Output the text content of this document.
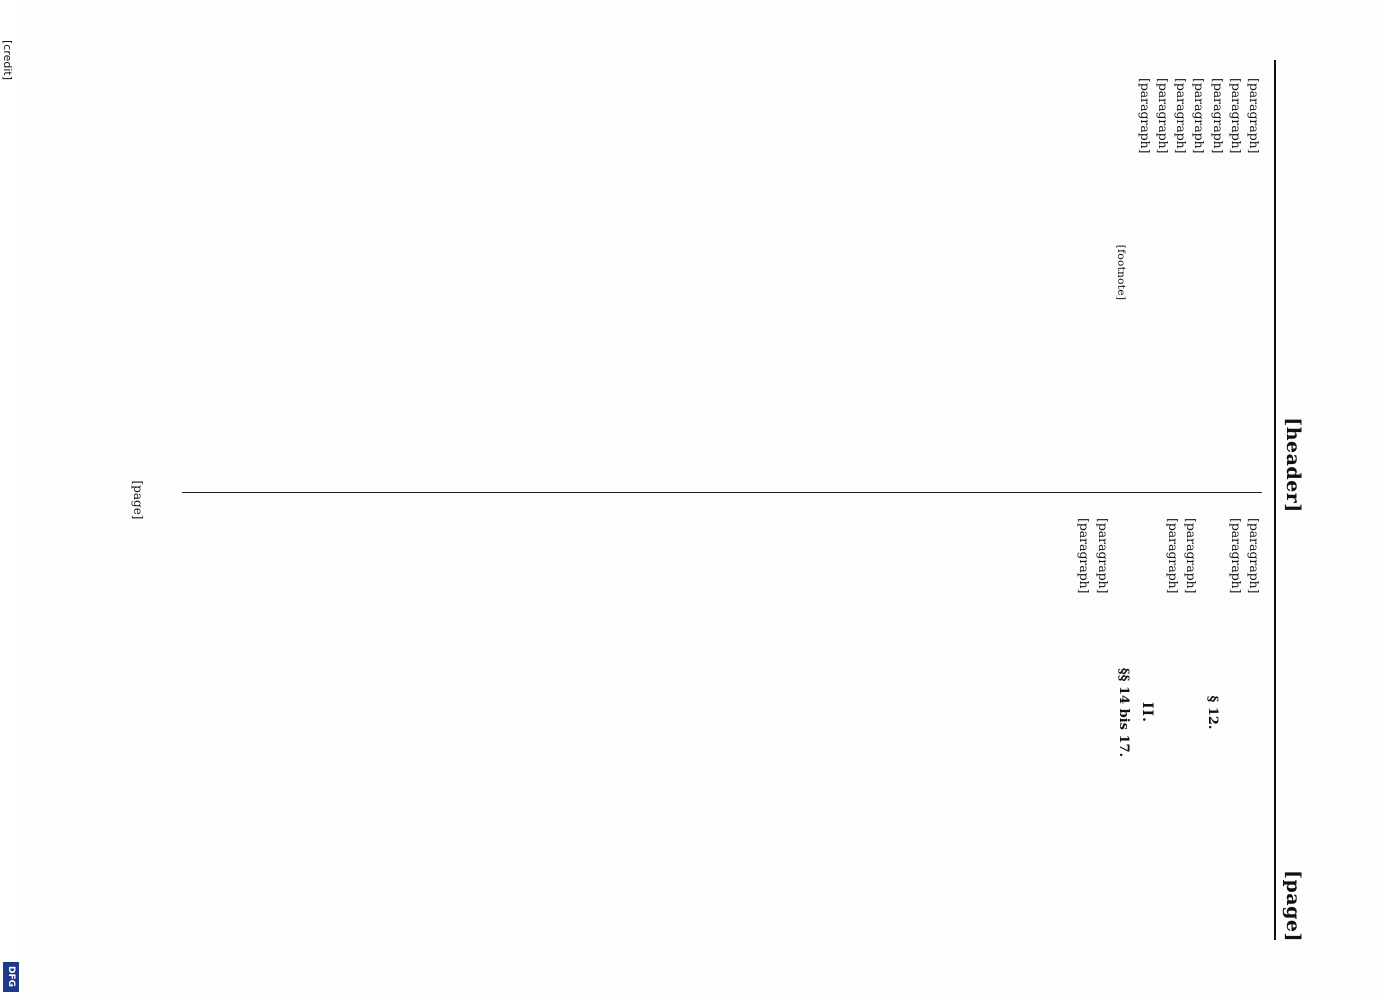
[header]
[page]

[paragraph]

[paragraph]

[paragraph]

[paragraph]

[paragraph]

[paragraph]

[paragraph]

[footnote]

[paragraph]

[paragraph]

§ 12.

[paragraph]

[paragraph]

II.
§§ 14 bis 17.

[paragraph]

[paragraph]

[page]
[credit]
DFG
